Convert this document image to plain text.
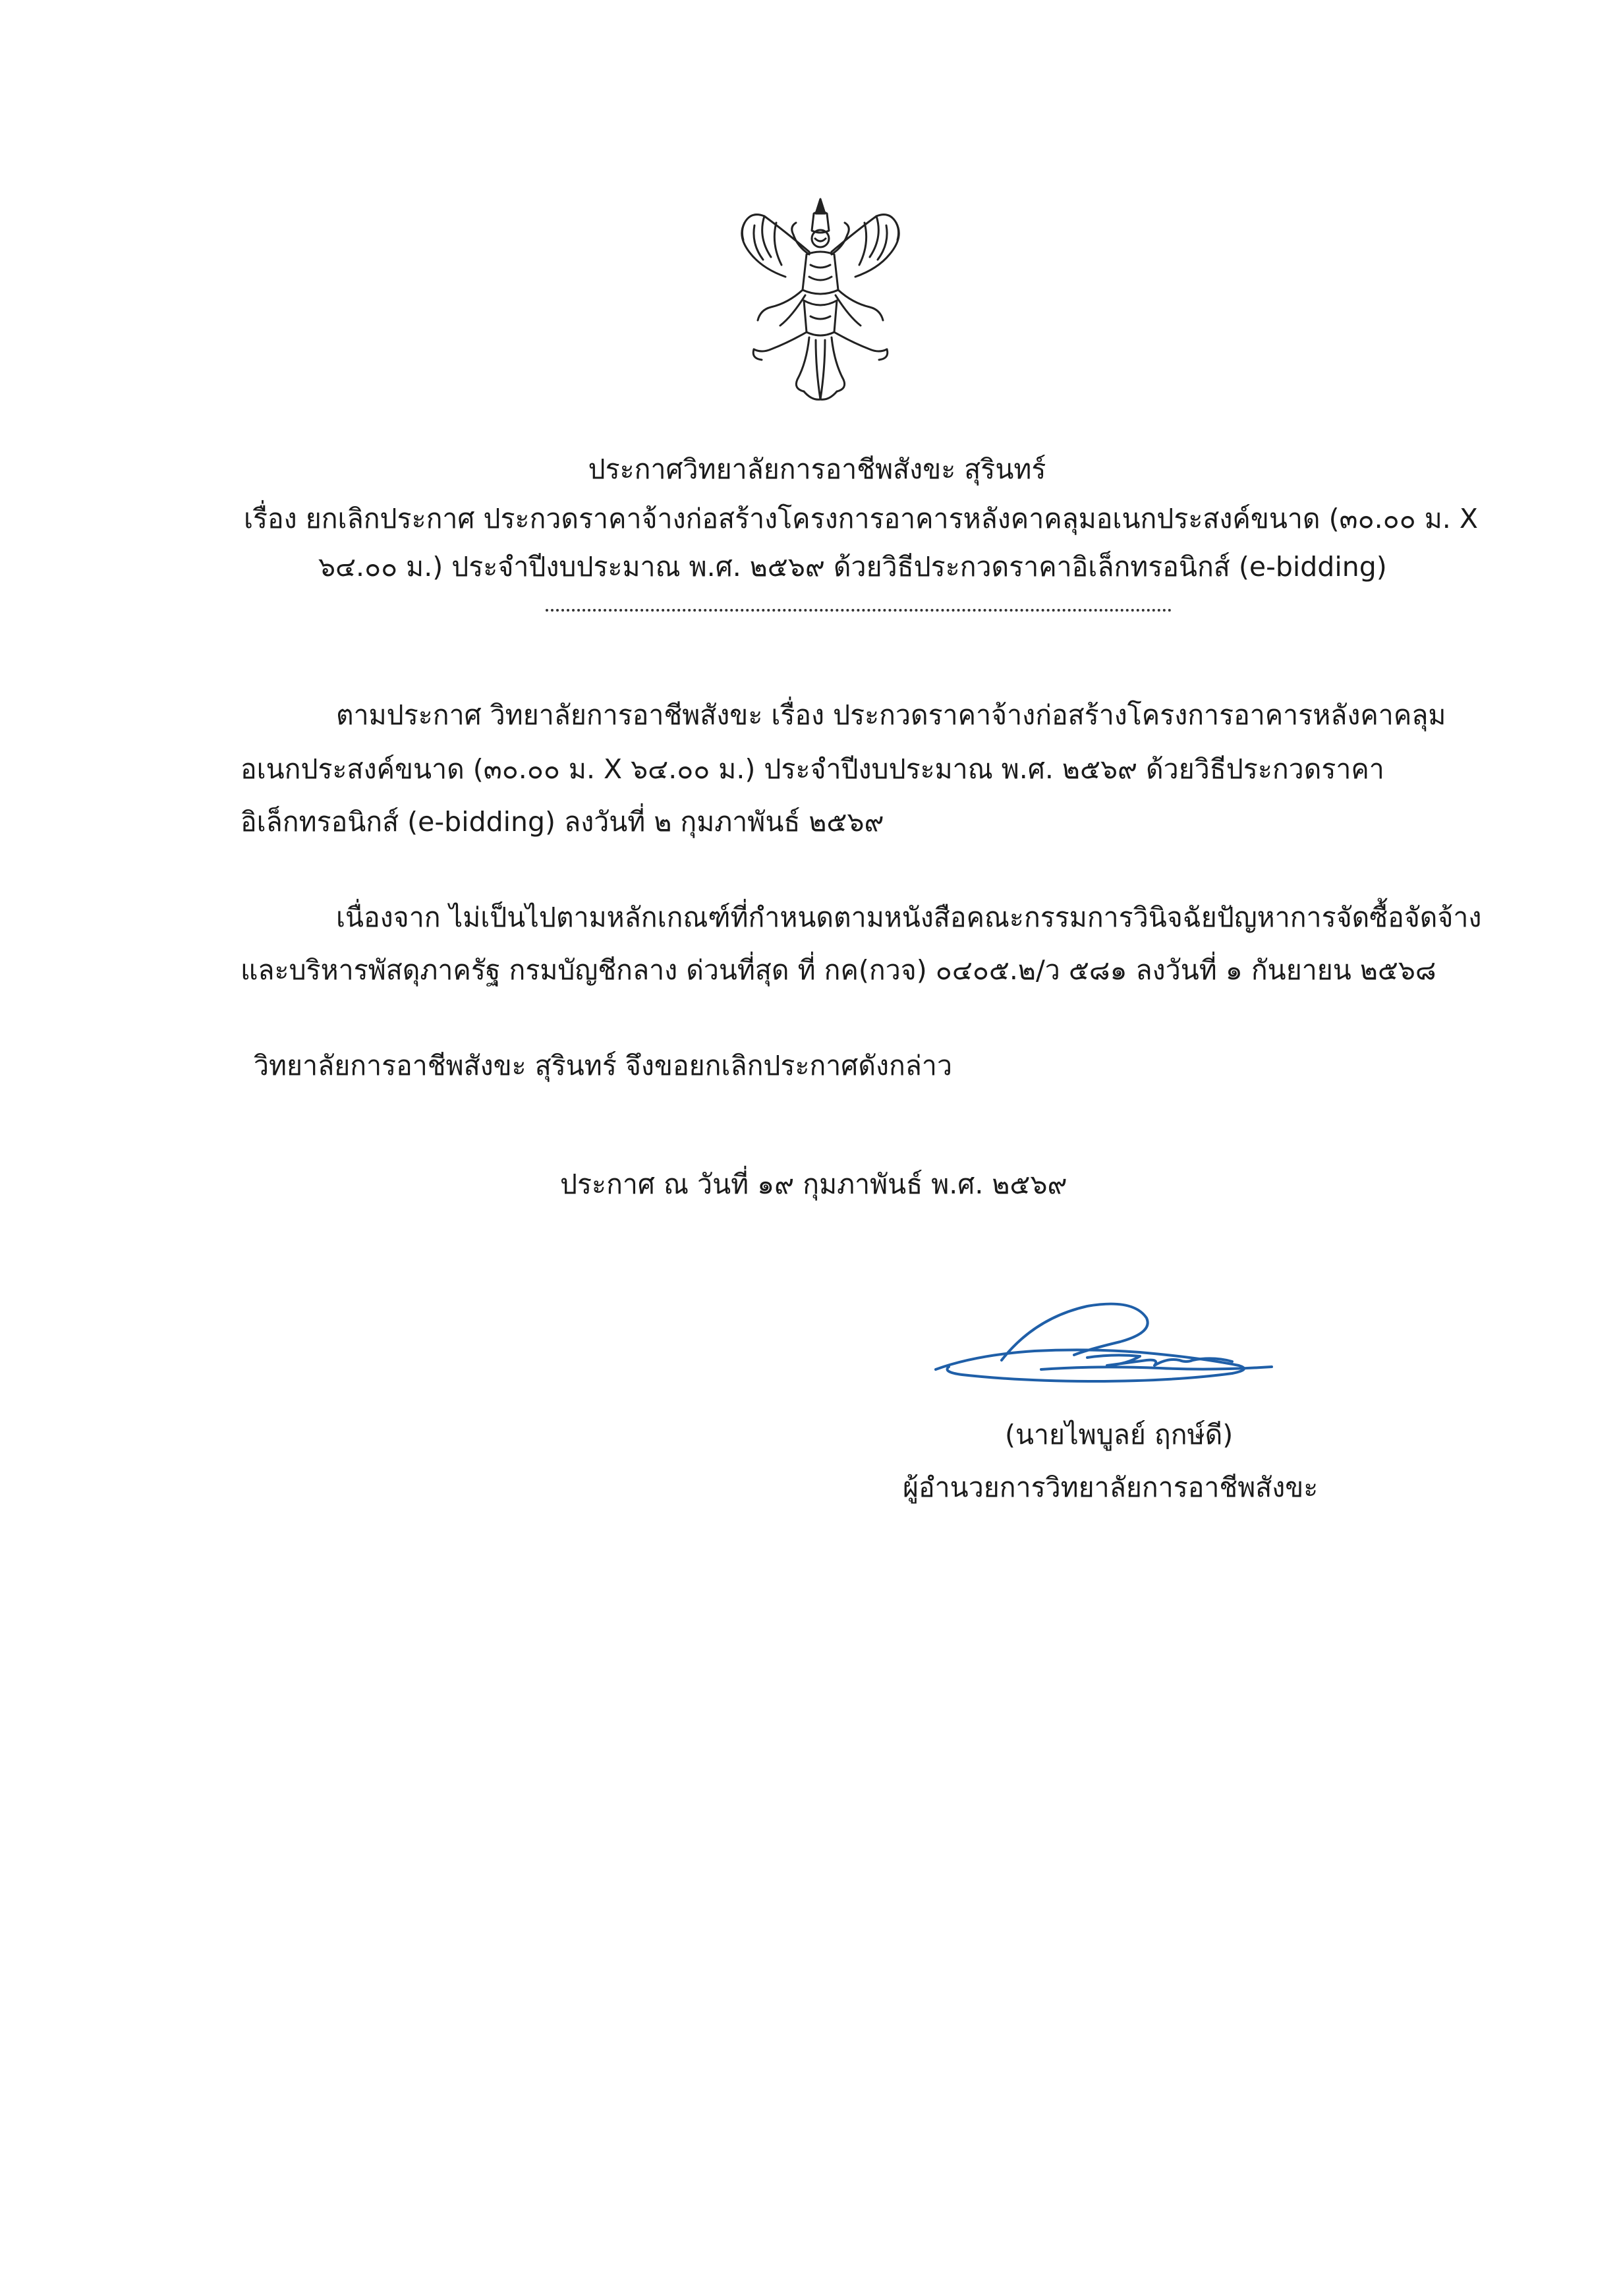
ประกาศวิทยาลัยการอาชีพสังขะ สุรินทร์
เรื่อง ยกเลิกประกาศ ประกวดราคาจ้างก่อสร้างโครงการอาคารหลังคาคลุมอเนกประสงค์ขนาด (๓๐.๐๐ ม. X
๖๔.๐๐ ม.) ประจำปีงบประมาณ พ.ศ. ๒๕๖๙ ด้วยวิธีประกวดราคาอิเล็กทรอนิกส์ (e-bidding)
ตามประกาศ วิทยาลัยการอาชีพสังขะ เรื่อง ประกวดราคาจ้างก่อสร้างโครงการอาคารหลังคาคลุม
อเนกประสงค์ขนาด (๓๐.๐๐ ม. X ๖๔.๐๐ ม.) ประจำปีงบประมาณ พ.ศ. ๒๕๖๙ ด้วยวิธีประกวดราคา
อิเล็กทรอนิกส์ (e-bidding) ลงวันที่ ๒ กุมภาพันธ์ ๒๕๖๙
เนื่องจาก ไม่เป็นไปตามหลักเกณฑ์ที่กำหนดตามหนังสือคณะกรรมการวินิจฉัยปัญหาการจัดซื้อจัดจ้าง
และบริหารพัสดุภาครัฐ กรมบัญชีกลาง ด่วนที่สุด ที่ กค(กวจ) ๐๔๐๕.๒/ว ๕๘๑ ลงวันที่ ๑ กันยายน ๒๕๖๘
วิทยาลัยการอาชีพสังขะ สุรินทร์ จึงขอยกเลิกประกาศดังกล่าว
ประกาศ ณ วันที่ ๑๙ กุมภาพันธ์ พ.ศ. ๒๕๖๙
(นายไพบูลย์ ฤกษ์ดี)
ผู้อำนวยการวิทยาลัยการอาชีพสังขะ
